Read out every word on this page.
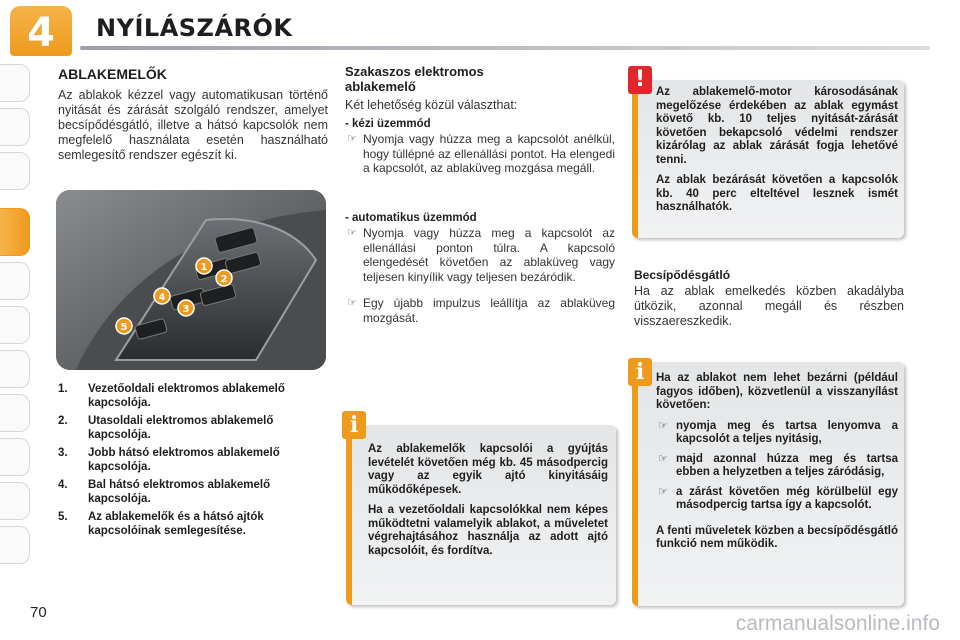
4	NYÍLÁSZÁRÓK
ABLAKEMELŐK
Az ablakok kézzel vagy automatikusan történő nyitását és zárását szolgáló rendszer, amelyet becsípődésgátló, illetve a hátsó kapcsolók nem megfelelő használata esetén használható semlegesítő rendszer egészít ki.
1
2
3
4
5
1. Vezetőoldali elektromos ablakemelő kapcsolója.
2. Utasoldali elektromos ablakemelő kapcsolója.
3. Jobb hátsó elektromos ablakemelő kapcsolója.
4. Bal hátsó elektromos ablakemelő kapcsolója.
5. Az ablakemelők és a hátsó ajtók kapcsolóinak semlegesítése.
Szakaszos elektromos ablakemelő
Két lehetőség közül választhat:
- kézi üzemmód
☞ Nyomja vagy húzza meg a kapcsolót anélkül, hogy túllépné az ellenállási pontot. Ha elengedi a kapcsolót, az ablaküveg mozgása megáll.
- automatikus üzemmód
☞ Nyomja vagy húzza meg a kapcsolót az ellenállási ponton túlra. A kapcsoló elengedését követően az ablaküveg vagy teljesen kinyílik vagy teljesen bezáródik.
☞ Egy újabb impulzus leállítja az ablaküveg mozgását.

Az ablakemelők kapcsolói a gyújtás levételét követően még kb. 45 másodpercig vagy az egyik ajtó kinyitásáig működőképesek.

Ha a vezetőoldali kapcsolókkal nem képes működtetni valamelyik ablakot, a műveletet végrehajtásához használja az adott ajtó kapcsolóit, és fordítva.

i

Az ablakemelő-motor károsodásának megelőzése érdekében az ablak egymást követő kb. 10 teljes nyitását-zárását követően bekapcsoló védelmi rendszer kizárólag az ablak zárását fogja lehetővé tenni.

Az ablak bezárását követően a kapcsolók kb. 40 perc elteltével lesznek ismét használhatók.

!
Becsípődésgátló
Ha az ablak emelkedés közben akadályba ütközik, azonnal megáll és részben visszaereszkedik.

Ha az ablakot nem lehet bezárni (például fagyos időben), közvetlenül a visszanyílást követően:

☞ nyomja meg és tartsa lenyomva a kapcsolót a teljes nyitásig,
☞ majd azonnal húzza meg és tartsa ebben a helyzetben a teljes záródásig,
☞ a zárást követően még körülbelül egy másodpercig tartsa így a kapcsolót.

A fenti műveletek közben a becsípődésgátló funkció nem működik.

i
70	carmanualsonline.info
